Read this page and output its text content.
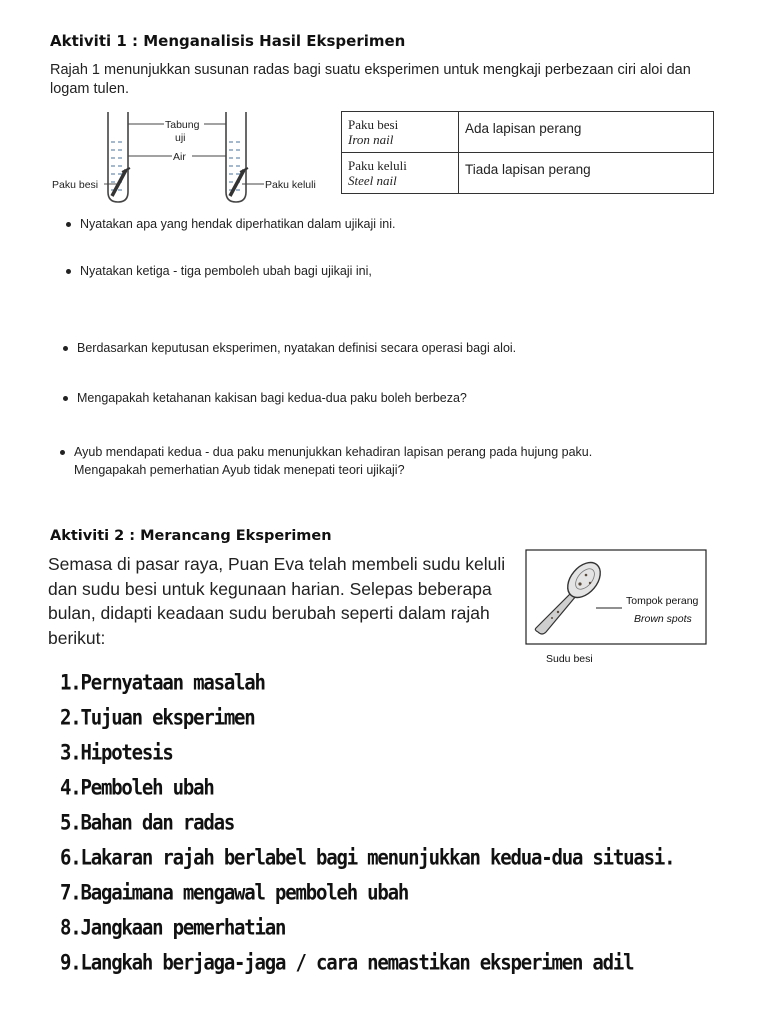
Aktiviti 1 : Menganalisis Hasil Eksperimen
Rajah 1 menunjukkan susunan radas bagi suatu eksperimen untuk mengkaji perbezaan ciri aloi dan logam tulen.
Tabung
uji
Air
Paku besi	Paku keluli
Paku besi
Iron nail	Ada lapisan perang
Paku keluli
Steel nail	Tiada lapisan perang
Nyatakan apa yang hendak diperhatikan dalam ujikaji ini.
Nyatakan ketiga - tiga pemboleh ubah bagi ujikaji ini,
Berdasarkan keputusan eksperimen, nyatakan definisi secara operasi bagi aloi.
Mengapakah ketahanan kakisan bagi kedua-dua paku boleh berbeza?
Ayub mendapati kedua - dua paku menunjukkan kehadiran lapisan perang pada hujung paku.
Mengapakah pemerhatian Ayub tidak menepati teori ujikaji?
Aktiviti 2 : Merancang Eksperimen
Semasa di pasar raya, Puan Eva telah membeli sudu keluli dan sudu besi untuk kegunaan harian. Selepas beberapa bulan, didapti keadaan sudu berubah seperti dalam rajah berikut:
Tompok perang
Brown spots
Sudu besi
1.Pernyataan masalah
2.Tujuan eksperimen
3.Hipotesis
4.Pemboleh ubah
5.Bahan dan radas
6.Lakaran rajah berlabel bagi menunjukkan kedua-dua situasi.
7.Bagaimana mengawal pemboleh ubah
8.Jangkaan pemerhatian
9.Langkah berjaga-jaga / cara nemastikan eksperimen adil
